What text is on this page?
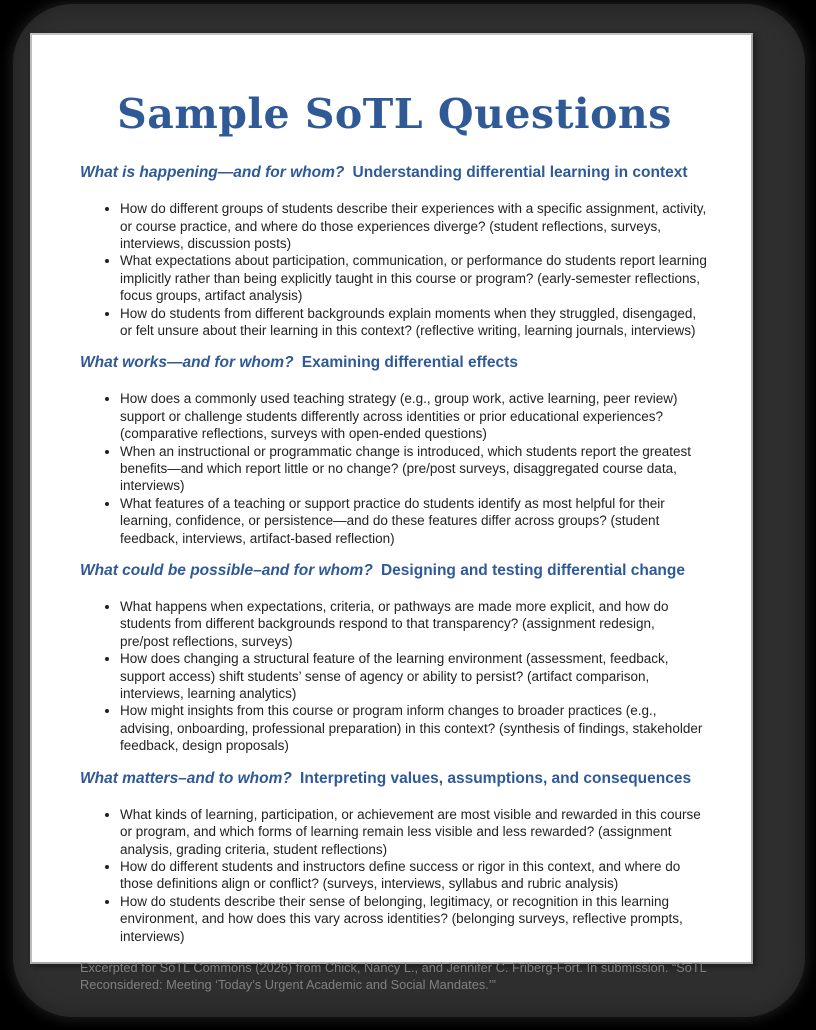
Sample SoTL Questions
What is happening—and for whom? Understanding differential learning in context
• How do different groups of students describe their experiences with a specific assignment, activity, or course practice, and where do those experiences diverge? (student reflections, surveys, interviews, discussion posts)
• What expectations about participation, communication, or performance do students report learning implicitly rather than being explicitly taught in this course or program? (early-semester reflections, focus groups, artifact analysis)
• How do students from different backgrounds explain moments when they struggled, disengaged, or felt unsure about their learning in this context? (reflective writing, learning journals, interviews)
What works—and for whom? Examining differential effects
• How does a commonly used teaching strategy (e.g., group work, active learning, peer review) support or challenge students differently across identities or prior educational experiences? (comparative reflections, surveys with open-ended questions)
• When an instructional or programmatic change is introduced, which students report the greatest benefits—and which report little or no change? (pre/post surveys, disaggregated course data, interviews)
• What features of a teaching or support practice do students identify as most helpful for their learning, confidence, or persistence—and do these features differ across groups? (student feedback, interviews, artifact-based reflection)
What could be possible–and for whom? Designing and testing differential change
• What happens when expectations, criteria, or pathways are made more explicit, and how do students from different backgrounds respond to that transparency? (assignment redesign, pre/post reflections, surveys)
• How does changing a structural feature of the learning environment (assessment, feedback, support access) shift students’ sense of agency or ability to persist? (artifact comparison, interviews, learning analytics)
• How might insights from this course or program inform changes to broader practices (e.g., advising, onboarding, professional preparation) in this context? (synthesis of findings, stakeholder feedback, design proposals)
What matters–and to whom? Interpreting values, assumptions, and consequences
• What kinds of learning, participation, or achievement are most visible and rewarded in this course or program, and which forms of learning remain less visible and less rewarded? (assignment analysis, grading criteria, student reflections)
• How do different students and instructors define success or rigor in this context, and where do those definitions align or conflict? (surveys, interviews, syllabus and rubric analysis)
• How do students describe their sense of belonging, legitimacy, or recognition in this learning environment, and how does this vary across identities? (belonging surveys, reflective prompts, interviews)

Excerpted for SoTL Commons (2026) from Chick, Nancy L., and Jennifer C. Friberg-Fort. In submission. “SoTL Reconsidered: Meeting ‘Today’s Urgent Academic and Social Mandates.’”
